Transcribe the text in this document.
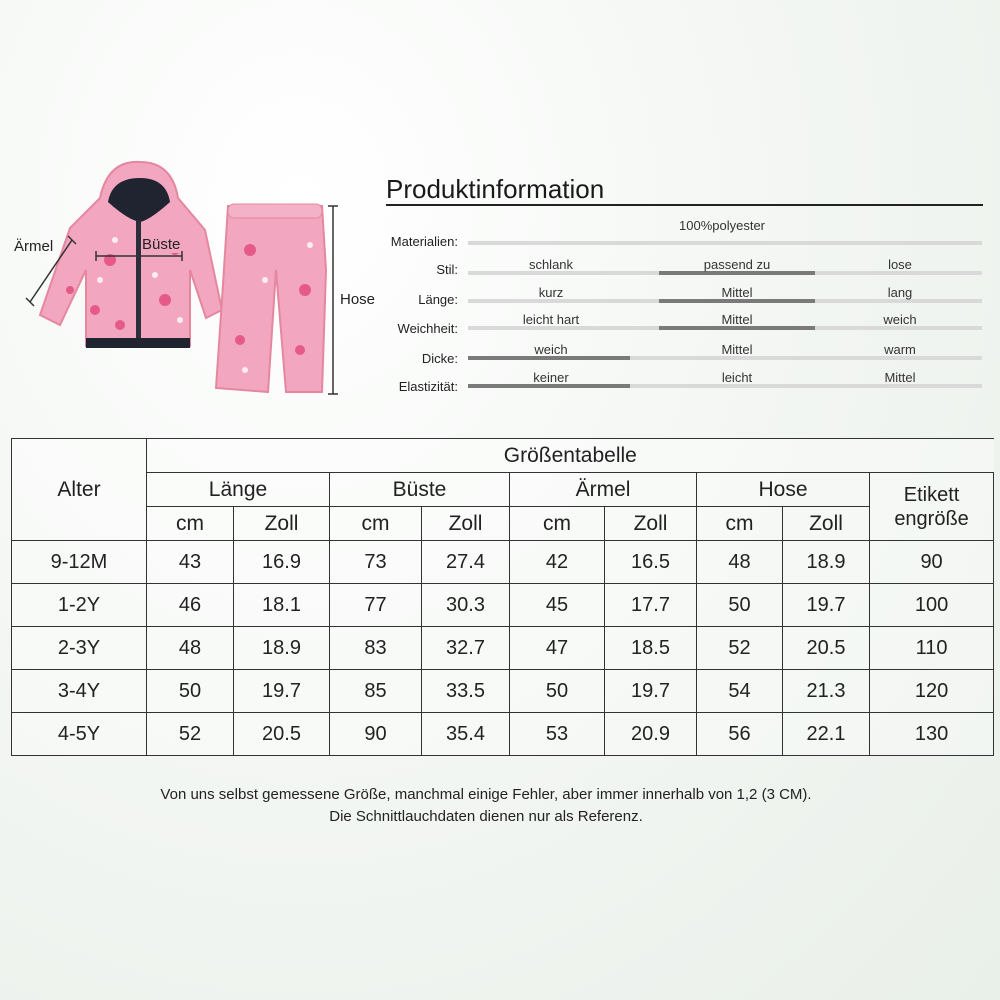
Ärmel	Büste
Hose
Produktinformation
Materialien:
100%polyester
Stil:	schlank	passend zu	lose
Länge:	kurz	Mittel	lang
Weichheit:
leicht hart	Mittel	weich
Dicke:
weich	Mittel	warm
Elastizität:
keiner	leicht	Mittel
Alter	Größentabelle								
	Länge		Büste		Ärmel		Hose		Etikett
engröße
	cm	Zoll	cm	Zoll	cm	Zoll	cm	Zoll	
9-12M	43	16.9	73	27.4	42	16.5	48	18.9	90
1-2Y	46	18.1	77	30.3	45	17.7	50	19.7	100
2-3Y	48	18.9	83	32.7	47	18.5	52	20.5	110
3-4Y	50	19.7	85	33.5	50	19.7	54	21.3	120
4-5Y	52	20.5	90	35.4	53	20.9	56	22.1	130
Von uns selbst gemessene Größe, manchmal einige Fehler, aber immer innerhalb von 1,2 (3 CM).
Die Schnittlauchdaten dienen nur als Referenz.
